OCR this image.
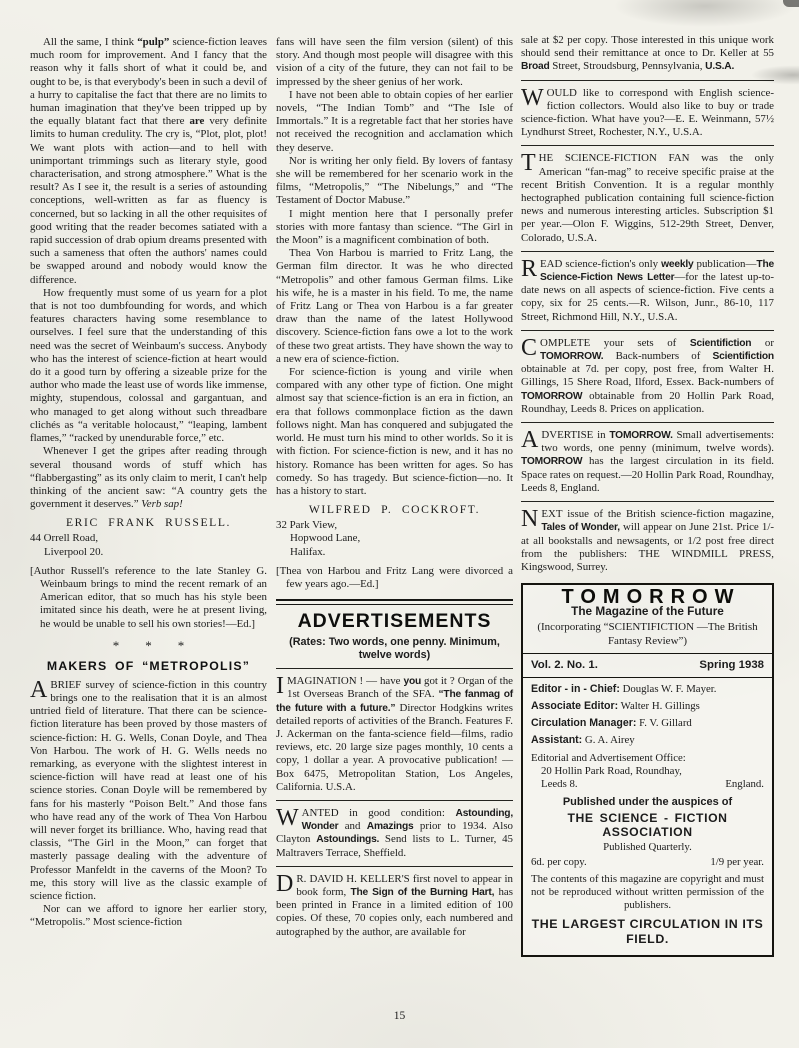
All the same, I think “pulp” science-fiction leaves much room for improvement. And I fancy that the reason why it falls short of what it could be, and ought to be, is that everybody's been in such a devil of a hurry to capitalise the fact that there are no limits to human imagination that they've been tripped up by the equally blatant fact that there are very definite limits to human credulity. The cry is, “Plot, plot, plot! We want plots with action—and to hell with unimportant trimmings such as literary style, good characterisation, and strong atmosphere.” What is the result? As I see it, the result is a series of astounding conceptions, well-written as far as fluency is concerned, but so lacking in all the other requisites of good writing that the reader becomes satiated with a rapid succession of drab opium dreams presented with such a sameness that often the authors' names could be swapped around and nobody would know the difference.

How frequently must some of us yearn for a plot that is not too dumbfounding for words, and which features characters having some resemblance to ourselves. I feel sure that the understanding of this need was the secret of Weinbaum's success. Anybody who has the interest of science-fiction at heart would do it a good turn by offering a sizeable prize for the author who made the least use of words like immense, mighty, stupendous, colossal and gargantuan, and who managed to get along without such threadbare clichés as “a veritable holocaust,” “leaping, lambent flames,” “racked by unendurable force,” etc.

Whenever I get the gripes after reading through several thousand words of stuff which has “flabbergasting” as its only claim to merit, I can't help thinking of the ancient saw: “A country gets the government it deserves.” Verb sap!

ERIC FRANK RUSSELL.
44 Orrell Road,
Liverpool 20.

[Author Russell's reference to the late Stanley G. Weinbaum brings to mind the recent remark of an American editor, that so much has his style been imitated since his death, were he at present living, he would be unable to sell his own stories!—Ed.]

*        *        *
MAKERS OF “METROPOLIS”

ABRIEF survey of science-fiction in this country brings one to the realisation that it is an almost untried field of literature. That there can be science-fiction literature has been proved by those masters of science-fiction: H. G. Wells, Conan Doyle, and Thea Von Harbou. The work of H. G. Wells needs no remarking, as everyone with the slightest interest in science-fiction will have read at least one of his science stories. Conan Doyle will be remembered by fans for his masterly “Poison Belt.” And those fans who have read any of the work of Thea Von Harbou will never forget its brilliance. Who, having read that classis, “The Girl in the Moon,” can forget that masterly passage dealing with the adventure of Professor Manfeldt in the caverns of the Moon? To me, this story will live as the classic example of science fiction.

Nor can we afford to ignore her earlier story, “Metropolis.” Most science-fiction

fans will have seen the film version (silent) of this story. And though most people will disagree with this vision of a city of the future, they can not fail to be impressed by the sheer genius of her work.

I have not been able to obtain copies of her earlier novels, “The Indian Tomb” and “The Isle of Immortals.” It is a regretable fact that her stories have not received the recognition and acclamation which they deserve.

Nor is writing her only field. By lovers of fantasy she will be remembered for her scenario work in the films, “Metropolis,” “The Nibelungs,” and “The Testament of Doctor Mabuse.”

I might mention here that I personally prefer stories with more fantasy than science. “The Girl in the Moon” is a magnificent combination of both.

Thea Von Harbou is married to Fritz Lang, the German film director. It was he who directed “Metropolis” and other famous German films. Like his wife, he is a master in his field. To me, the name of Fritz Lang or Thea von Harbou is a far greater draw than the name of the latest Hollywood discovery. Science-fiction fans owe a lot to the work of these two great artists. They have shown the way to a new era of science-fiction.

For science-fiction is young and virile when compared with any other type of fiction. One might almost say that science-fiction is an era in fiction, an era that follows commonplace fiction as the dawn follows night. Man has conquered and subjugated the world. He must turn his mind to other worlds. So it is with fiction. For science-fiction is new, and it has no history. Romance has been written for ages. So has comedy. So has tragedy. But science-fiction—no. It has a history to start.

WILFRED P. COCKROFT.
32 Park View,
Hopwood Lane,
Halifax.

[Thea von Harbou and Fritz Lang were divorced a few years ago.—Ed.]

ADVERTISEMENTS
(Rates: Two words, one penny. Minimum, twelve words)

IMAGINATION ! — have you got it ? Organ of the 1st Overseas Branch of the SFA. “The fanmag of the future with a future.” Director Hodgkins writes detailed reports of activities of the Branch. Features F. J. Ackerman on the fanta-science field—films, radio reviews, etc. 20 large size pages monthly, 10 cents a copy, 1 dollar a year. A provocative publication! —Box 6475, Metropolitan Station, Los Angeles, California. U.S.A.

WANTED in good condition: Astounding, Wonder and Amazings prior to 1934. Also Clayton Astoundings. Send lists to L. Turner, 45 Maltravers Terrace, Sheffield.

D R. DAVID H. KELLER'S first novel to appear in book form, The Sign of the Burning Hart, has been printed in France in a limited edition of 100 copies. Of these, 70 copies only, each numbered and autographed by the author, are available for

sale at $2 per copy. Those interested in this unique work should send their remittance at once to Dr. Keller at 55 Broad Street, Stroudsburg, Pennsylvania, U.S.A.

WOULD like to correspond with English science-fiction collectors. Would also like to buy or trade science-fiction. What have you?—E. E. Weinmann, 57½ Lyndhurst Street, Rochester, N.Y., U.S.A.

THE SCIENCE-FICTION FAN was the only American “fan-mag” to receive specific praise at the recent British Convention. It is a regular monthly hectographed publication containing full science-fiction news and numerous interesting articles. Subscription $1 per year.—Olon F. Wiggins, 512-29th Street, Denver, Colorado, U.S.A.

READ science-fiction's only weekly publication—The Science-Fiction News Letter—for the latest up-to-date news on all aspects of science-fiction. Five cents a copy, six for 25 cents.—R. Wilson, Junr., 86-10, 117 Street, Richmond Hill, N.Y., U.S.A.

COMPLETE your sets of Scientifiction or TOMORROW. Back-numbers of Scientifiction obtainable at 7d. per copy, post free, from Walter H. Gillings, 15 Shere Road, Ilford, Essex. Back-numbers of TOMORROW obtainable from 20 Hollin Park Road, Roundhay, Leeds 8. Prices on application.

ADVERTISE in TOMORROW. Small advertisements: two words, one penny (minimum, twelve words). TOMORROW has the largest circulation in its field. Space rates on request.—20 Hollin Park Road, Roundhay, Leeds 8, England.

NEXT issue of the British science-fiction magazine, Tales of Wonder, will appear on June 21st. Price 1/- at all bookstalls and newsagents, or 1/2 post free direct from the publishers: THE WINDMILL PRESS, Kingswood, Surrey.

TOMORROW
The Magazine of the Future
(Incorporating “SCIENTIFICTION —The British Fantasy Review”)
Vol. 2. No. 1.	Spring 1938
Editor - in - Chief: Douglas W. F. Mayer.
Associate Editor: Walter H. Gillings
Circulation Manager: F. V. Gillard
Assistant: G. A. Airey
Editorial and Advertisement Office:
20 Hollin Park Road, Roundhay,
Leeds 8.	England.
Published under the auspices of
THE SCIENCE - FICTION ASSOCIATION
Published Quarterly.
6d. per copy.	1/9 per year.
The contents of this magazine are copyright and must not be reproduced without written permission of the publishers.
THE LARGEST CIRCULATION IN ITS FIELD.
15
